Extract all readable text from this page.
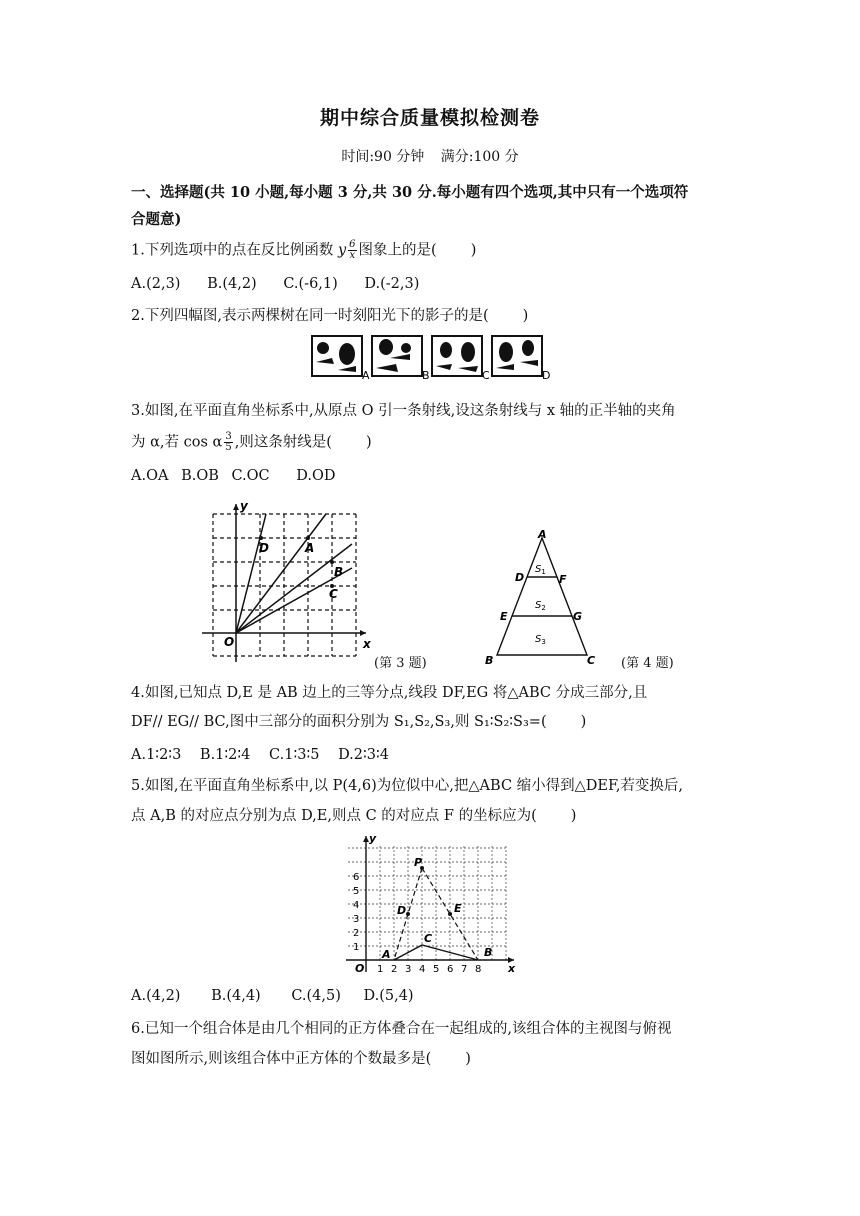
期中综合质量模拟检测卷
时间:90 分钟 满分:100 分
一、选择题(共 10 小题,每小题 3 分,共 30 分.每小题有四个选项,其中只有一个选项符
合题意)
1.下列选项中的点在反比例函数 y $\frac{6}{x}$ 图象上的是( )
A.(2,3) B.(4,2) C.(-6,1) D.(-2,3)
2.下列四幅图,表示两棵树在同一时刻阳光下的影子的是( )
A	B	C	D
3.如图,在平面直角坐标系中,从原点 O 引一条射线,设这条射线与 x 轴的正半轴的夹角
为 α,若 cos α $\frac{3}{5}$ ,则这条射线是( )
A.OA B.OB C.OC D.OD
y
x
O
D	A
B
C
(第 3 题)
A
B	C
D	F
E	G
$S_1$
$S_2$
$S_3$
(第 4 题)
4.如图,已知点 D,E 是 AB 边上的三等分点,线段 DF,EG 将△ABC 分成三部分,且
DF// EG// BC,图中三部分的面积分别为 S₁,S₂,S₃,则 S₁∶S₂∶S₃=( )
A.1∶2∶3 B.1∶2∶4 C.1∶3∶5 D.2∶3∶4
5.如图,在平面直角坐标系中,以 P(4,6)为位似中心,把△ABC 缩小得到△DEF,若变换后,
点 A,B 的对应点分别为点 D,E,则点 C 的对应点 F 的坐标应为( )
1 2 3 4 5 6 7 8
1
2
3
4
5
6
y
x
O
P
D	E
C
A	B
A.(4,2) B.(4,4) C.(4,5) D.(5,4)
6.已知一个组合体是由几个相同的正方体叠合在一起组成的,该组合体的主视图与俯视
图如图所示,则该组合体中正方体的个数最多是( )
